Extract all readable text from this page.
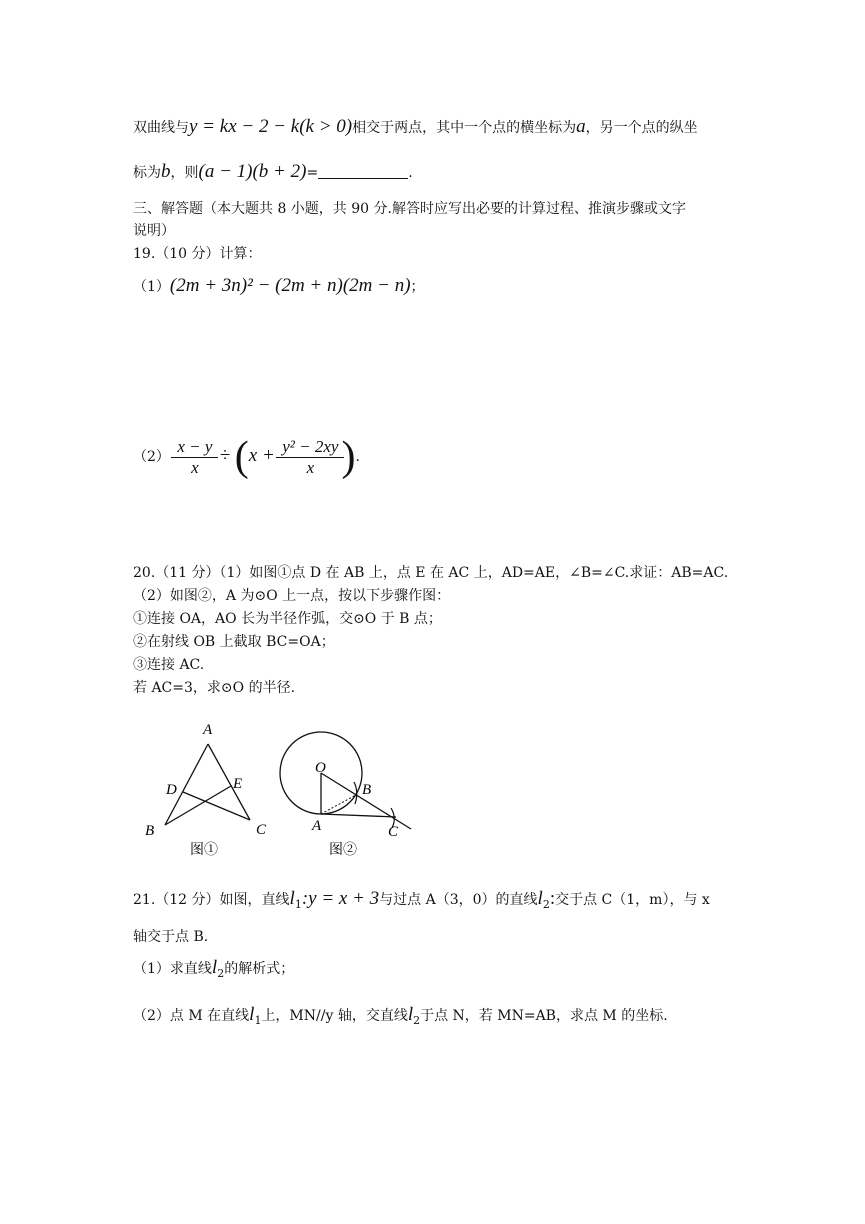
双曲线与y = kx − 2 − k(k > 0)相交于两点，其中一个点的横坐标为a，另一个点的纵坐
标为b，则(a − 1)(b + 2)=	.
三、解答题（本大题共 8 小题，共 90 分.解答时应写出必要的计算过程、推演步骤或文字
说明）
19.（10 分）计算：
（1）(2m + 3n)² − (2m + n)(2m − n)；
$(2) \frac{x - y}{x} \div (x + \frac{\text{y² − 2xy}}{x}$ ).
20.（11 分）（1）如图①点 D 在 AB 上，点 E 在 AC 上，AD=AE，∠B=∠C.求证：AB=AC.
（2）如图②，A 为⊙O 上一点，按以下步骤作图：
①连接 OA，AO 长为半径作弧，交⊙O 于 B 点；
②在射线 OB 上截取 BC=OA；
③连接 AC.
若 AC=3，求⊙O 的半径.
A
B	C
D	E
图①
O
A
B
C
图②
21.（12 分）如图，直线$l_1:y = x + 3$与过点 A（3，0）的直线$l_2$:交于点 C（1，m），与 x
轴交于点 B.
（1）求直线$l_2$的解析式；
（2）点 M 在直线$l_1$上，MN//y 轴，交直线$l_2$于点 N，若 MN=AB，求点 M 的坐标.
